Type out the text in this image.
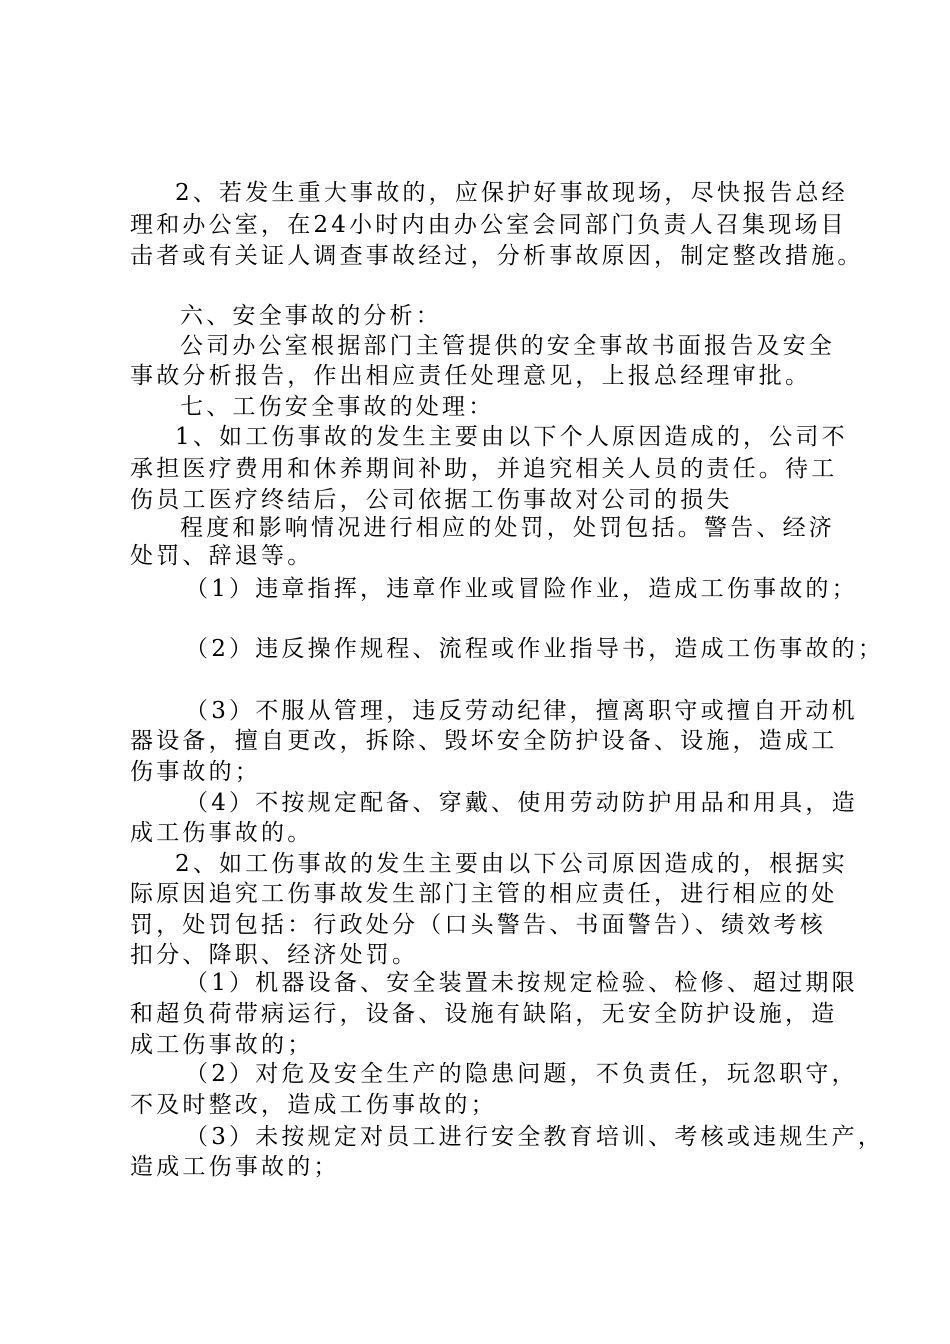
2、若发生重大事故的，应保护好事故现场，尽快报告总经
理和办公室，在24小时内由办公室会同部门负责人召集现场目
击者或有关证人调查事故经过，分析事故原因，制定整改措施。
六、安全事故的分析：
公司办公室根据部门主管提供的安全事故书面报告及安全
事故分析报告，作出相应责任处理意见，上报总经理审批。
七、工伤安全事故的处理：
1、如工伤事故的发生主要由以下个人原因造成的，公司不
承担医疗费用和休养期间补助，并追究相关人员的责任。待工
伤员工医疗终结后，公司依据工伤事故对公司的损失
程度和影响情况进行相应的处罚，处罚包括。警告、经济
处罚、辞退等。
（1）违章指挥，违章作业或冒险作业，造成工伤事故的；
（2）违反操作规程、流程或作业指导书，造成工伤事故的；
（3）不服从管理，违反劳动纪律，擅离职守或擅自开动机
器设备，擅自更改，拆除、毁坏安全防护设备、设施，造成工
伤事故的；
（4）不按规定配备、穿戴、使用劳动防护用品和用具，造
成工伤事故的。
2、如工伤事故的发生主要由以下公司原因造成的，根据实
际原因追究工伤事故发生部门主管的相应责任，进行相应的处
罚，处罚包括：行政处分（口头警告、书面警告）、绩效考核
扣分、降职、经济处罚。
（1）机器设备、安全装置未按规定检验、检修、超过期限
和超负荷带病运行，设备、设施有缺陷，无安全防护设施，造
成工伤事故的；
（2）对危及安全生产的隐患问题，不负责任，玩忽职守，
不及时整改，造成工伤事故的；
（3）未按规定对员工进行安全教育培训、考核或违规生产，
造成工伤事故的；
